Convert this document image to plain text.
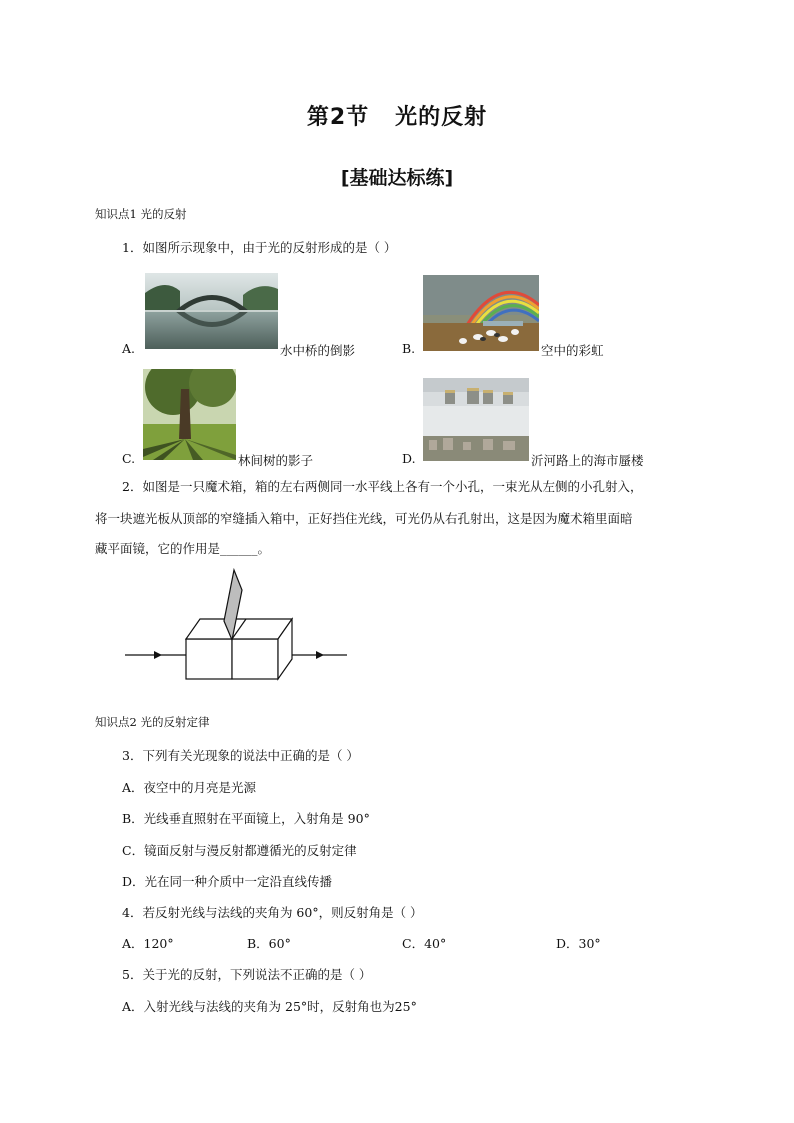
第2节   光的反射
[基础达标练]
知识点1 光的反射
1．如图所示现象中，由于光的反射形成的是（ ）
A.	水中桥的倒影	B.	空中的彩虹
C.	林间树的影子	D.	沂河路上的海市蜃楼
2．如图是一只魔术箱，箱的左右两侧同一水平线上各有一个小孔，一束光从左侧的小孔射入，
将一块遮光板从顶部的窄缝插入箱中，正好挡住光线，可光仍从右孔射出，这是因为魔术箱里面暗
藏平面镜，它的作用是______。
知识点2 光的反射定律
3．下列有关光现象的说法中正确的是（ ）
A．夜空中的月亮是光源
B．光线垂直照射在平面镜上，入射角是 90°
C．镜面反射与漫反射都遵循光的反射定律
D．光在同一种介质中一定沿直线传播
4．若反射光线与法线的夹角为 60°，则反射角是（ ）
A．120°	B．60°	C．40°	D．30°
5．关于光的反射，下列说法不正确的是（ ）
A．入射光线与法线的夹角为 25°时，反射角也为25°
